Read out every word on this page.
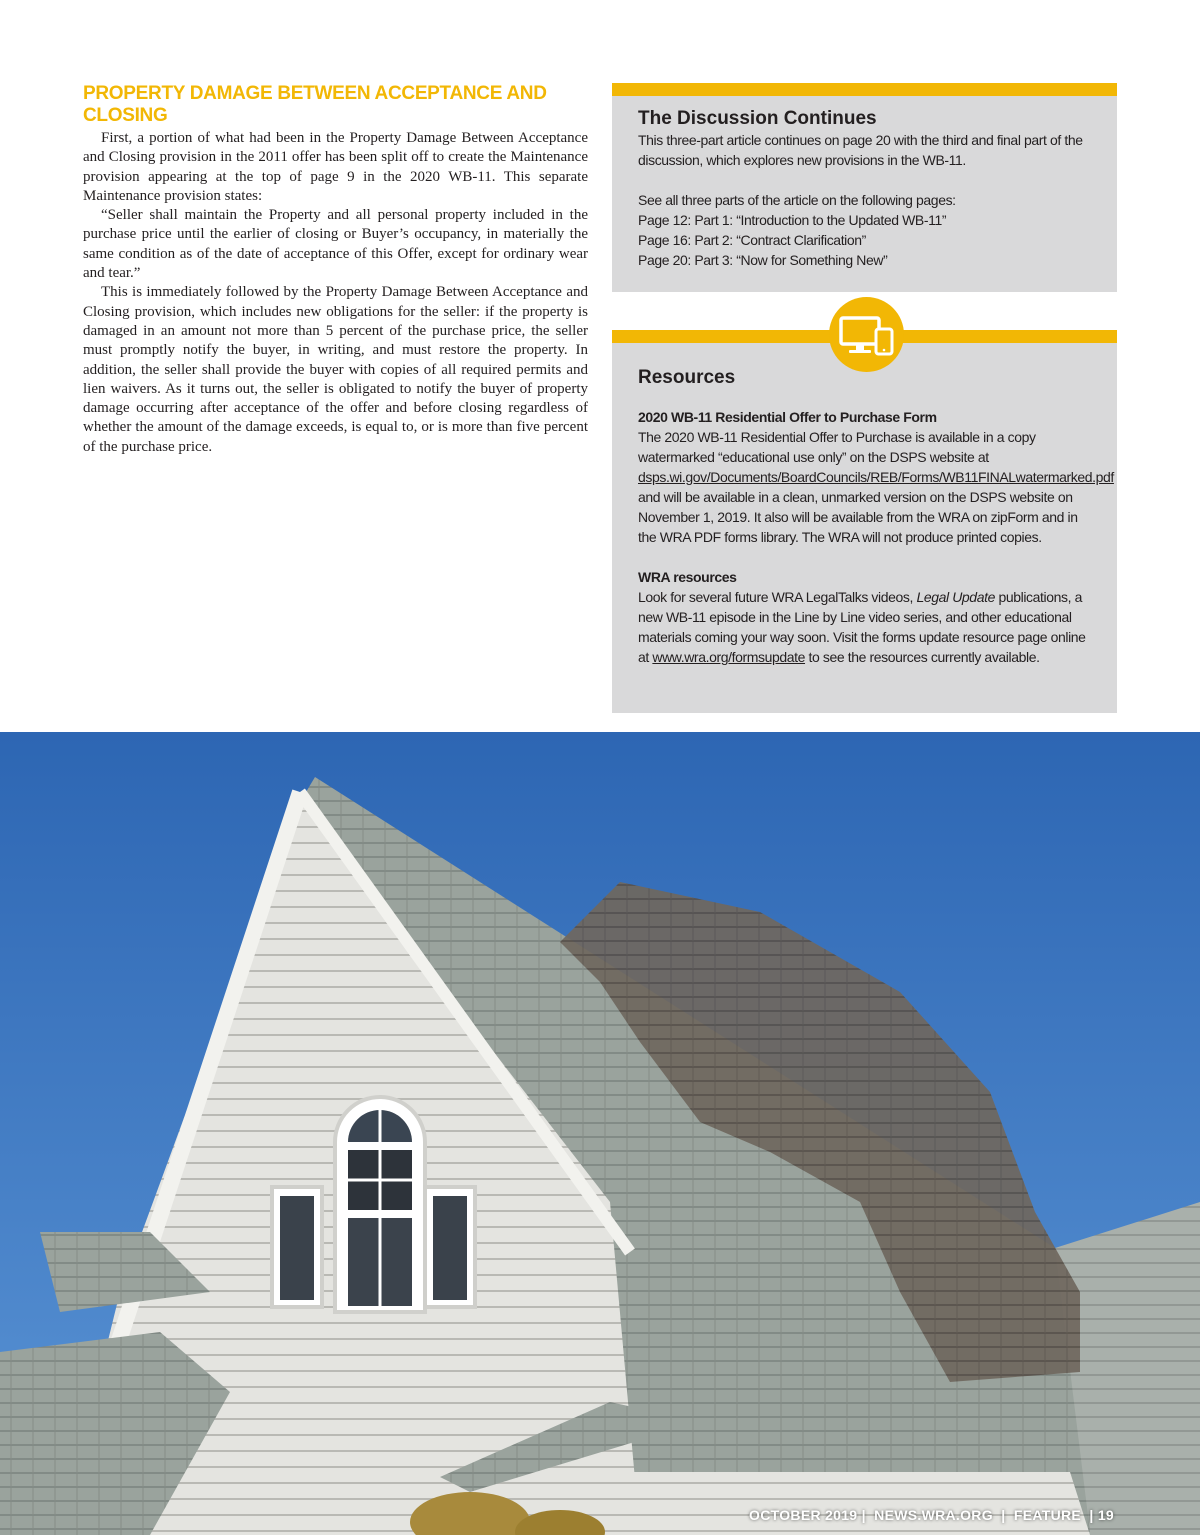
PROPERTY DAMAGE BETWEEN ACCEPTANCE AND CLOSING

First, a portion of what had been in the Property Damage Between Acceptance and Closing provision in the 2011 offer has been split off to create the Maintenance provision appearing at the top of page 9 in the 2020 WB-11. This separate Maintenance provision states:

“Seller shall maintain the Property and all personal property included in the purchase price until the earlier of closing or Buyer’s occupancy, in materially the same condition as of the date of acceptance of this Offer, except for ordinary wear and tear.”

This is immediately followed by the Property Damage Between Acceptance and Closing provision, which includes new obligations for the seller: if the property is damaged in an amount not more than 5 percent of the purchase price, the seller must promptly notify the buyer, in writing, and must restore the property. In addition, the seller shall provide the buyer with copies of all required permits and lien waivers. As it turns out, the seller is obligated to notify the buyer of property damage occurring after acceptance of the offer and before closing regardless of whether the amount of the damage exceeds, is equal to, or is more than five percent of the purchase price.

The Discussion Continues
This three-part article continues on page 20 with the third and final part of the discussion, which explores new provisions in the WB-11.
See all three parts of the article on the following pages:
Page 12: Part 1: “Introduction to the Updated WB-11”
Page 16: Part 2: “Contract Clarification”
Page 20: Part 3: “Now for Something New”
Resources
2020 WB-11 Residential Offer to Purchase Form
The 2020 WB-11 Residential Offer to Purchase is available in a copy watermarked “educational use only” on the DSPS website at dsps.wi.gov/Documents/BoardCouncils/REB/Forms/WB11FINALwatermarked.pdf and will be available in a clean, unmarked version on the DSPS website on November 1, 2019. It also will be available from the WRA on zipForm and in the WRA PDF forms library. The WRA will not produce printed copies.
WRA resources
Look for several future WRA LegalTalks videos, Legal Update publications, a new WB-11 episode in the Line by Line video series, and other educational materials coming your way soon. Visit the forms update resource page online at www.wra.org/formsupdate to see the resources currently available.
OCTOBER 2019 |  NEWS.WRA.ORG  |  FEATURE  | 19
